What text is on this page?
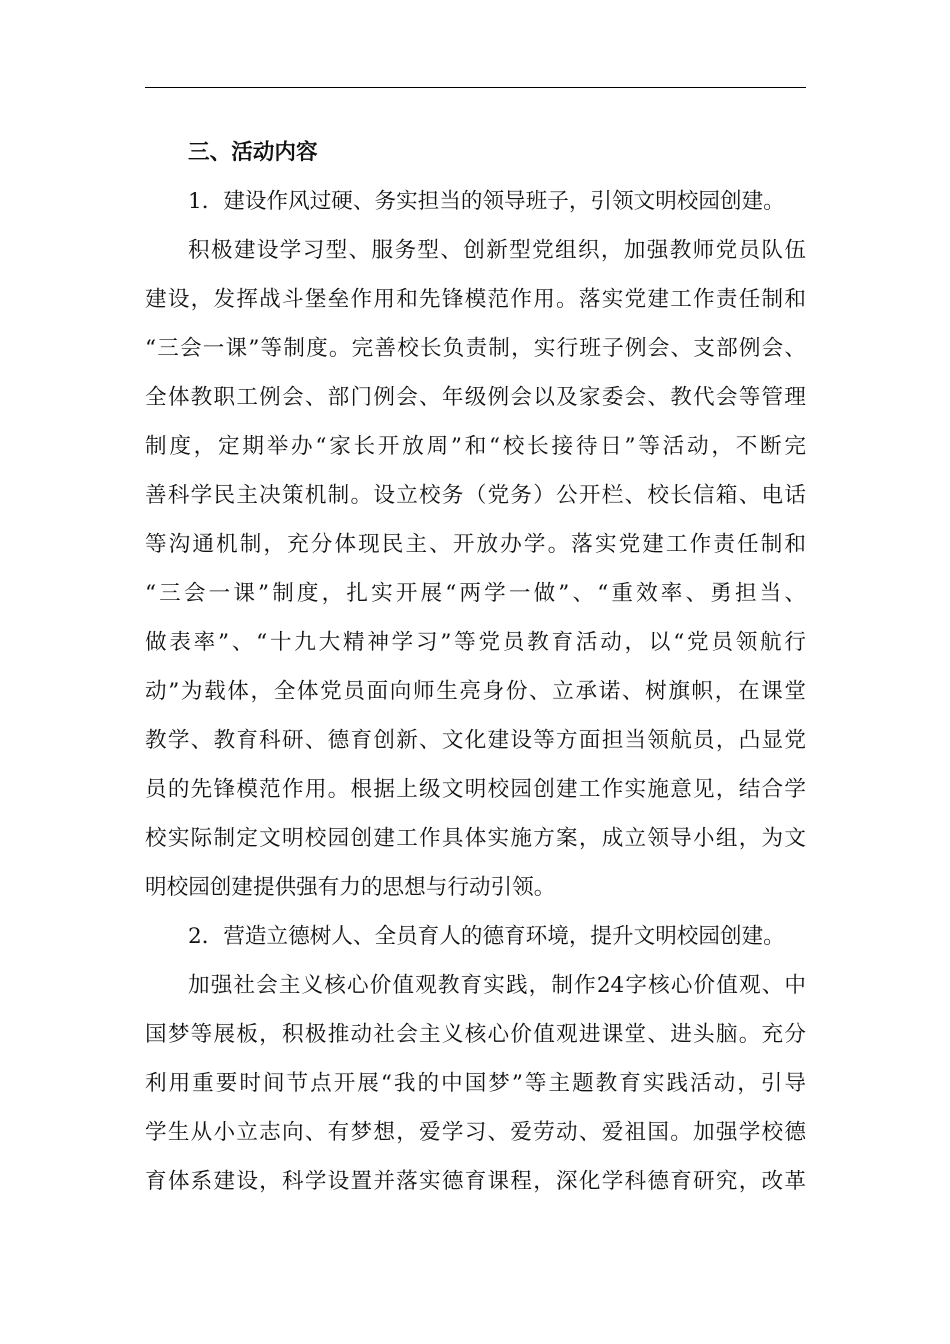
三、活动内容
1．建设作风过硬、务实担当的领导班子，引领文明校园创建。
积极建设学习型、服务型、创新型党组织，加强教师党员队伍
建设，发挥战斗堡垒作用和先锋模范作用。落实党建工作责任制和
“三会一课”等制度。完善校长负责制，实行班子例会、支部例会、
全体教职工例会、部门例会、年级例会以及家委会、教代会等管理
制度，定期举办“家长开放周”和“校长接待日”等活动，不断完
善科学民主决策机制。设立校务（党务）公开栏、校长信箱、电话
等沟通机制，充分体现民主、开放办学。落实党建工作责任制和
“三会一课”制度，扎实开展“两学一做”、“重效率、勇担当、
做表率”、“十九大精神学习”等党员教育活动，以“党员领航行
动”为载体，全体党员面向师生亮身份、立承诺、树旗帜，在课堂
教学、教育科研、德育创新、文化建设等方面担当领航员，凸显党
员的先锋模范作用。根据上级文明校园创建工作实施意见，结合学
校实际制定文明校园创建工作具体实施方案，成立领导小组，为文
明校园创建提供强有力的思想与行动引领。
2．营造立德树人、全员育人的德育环境，提升文明校园创建。
加强社会主义核心价值观教育实践，制作24字核心价值观、中
国梦等展板，积极推动社会主义核心价值观进课堂、进头脑。充分
利用重要时间节点开展“我的中国梦”等主题教育实践活动，引导
学生从小立志向、有梦想，爱学习、爱劳动、爱祖国。加强学校德
育体系建设，科学设置并落实德育课程，深化学科德育研究，改革
